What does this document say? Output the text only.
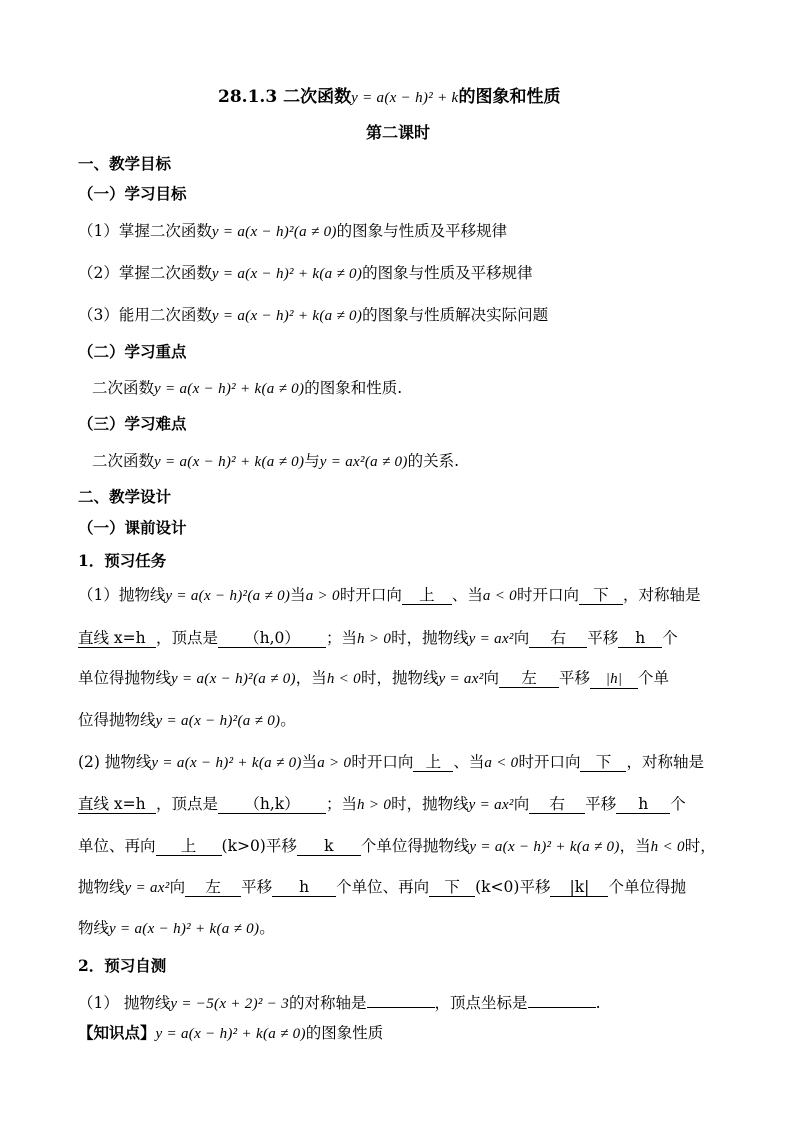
28.1.3 二次函数y = a(x − h)² + k的图象和性质
第二课时
一、教学目标
（一）学习目标
（1）掌握二次函数y = a(x − h)²(a ≠ 0)的图象与性质及平移规律
（2）掌握二次函数y = a(x − h)² + k(a ≠ 0)的图象与性质及平移规律
（3）能用二次函数y = a(x − h)² + k(a ≠ 0)的图象与性质解决实际问题
（二）学习重点
二次函数y = a(x − h)² + k(a ≠ 0)的图象和性质.
（三）学习难点
二次函数y = a(x − h)² + k(a ≠ 0)与y = ax²(a ≠ 0)的关系.
二、教学设计
（一）课前设计
1．预习任务
（1）抛物线y = a(x − h)²(a ≠ 0)当a > 0时开口向 上 、当a < 0时开口向 下 ，对称轴是
直线 x=h ，顶点是 （h,0） ；当h > 0时，抛物线y = ax²向 右 平移 h 个
单位得抛物线y = a(x − h)²(a ≠ 0)，当h < 0时，抛物线y = ax²向 左 平移 |h| 个单
位得抛物线y = a(x − h)²(a ≠ 0)。
(2) 抛物线y = a(x − h)² + k(a ≠ 0)当a > 0时开口向 上 、当a < 0时开口向 下 ，对称轴是
直线 x=h ，顶点是 （h,k） ；当h > 0时，抛物线y = ax²向 右 平移 h 个
单位、再向 上 (k>0)平移 k 个单位得抛物线y = a(x − h)² + k(a ≠ 0)，当h < 0时，
抛物线y = ax²向 左 平移 h 个单位、再向 下 (k<0)平移 |k| 个单位得抛
物线y = a(x − h)² + k(a ≠ 0)。
2．预习自测
（1） 抛物线y = −5(x + 2)² − 3的对称轴是	，顶点坐标是	.
【知识点】y = a(x − h)² + k(a ≠ 0)的图象性质
